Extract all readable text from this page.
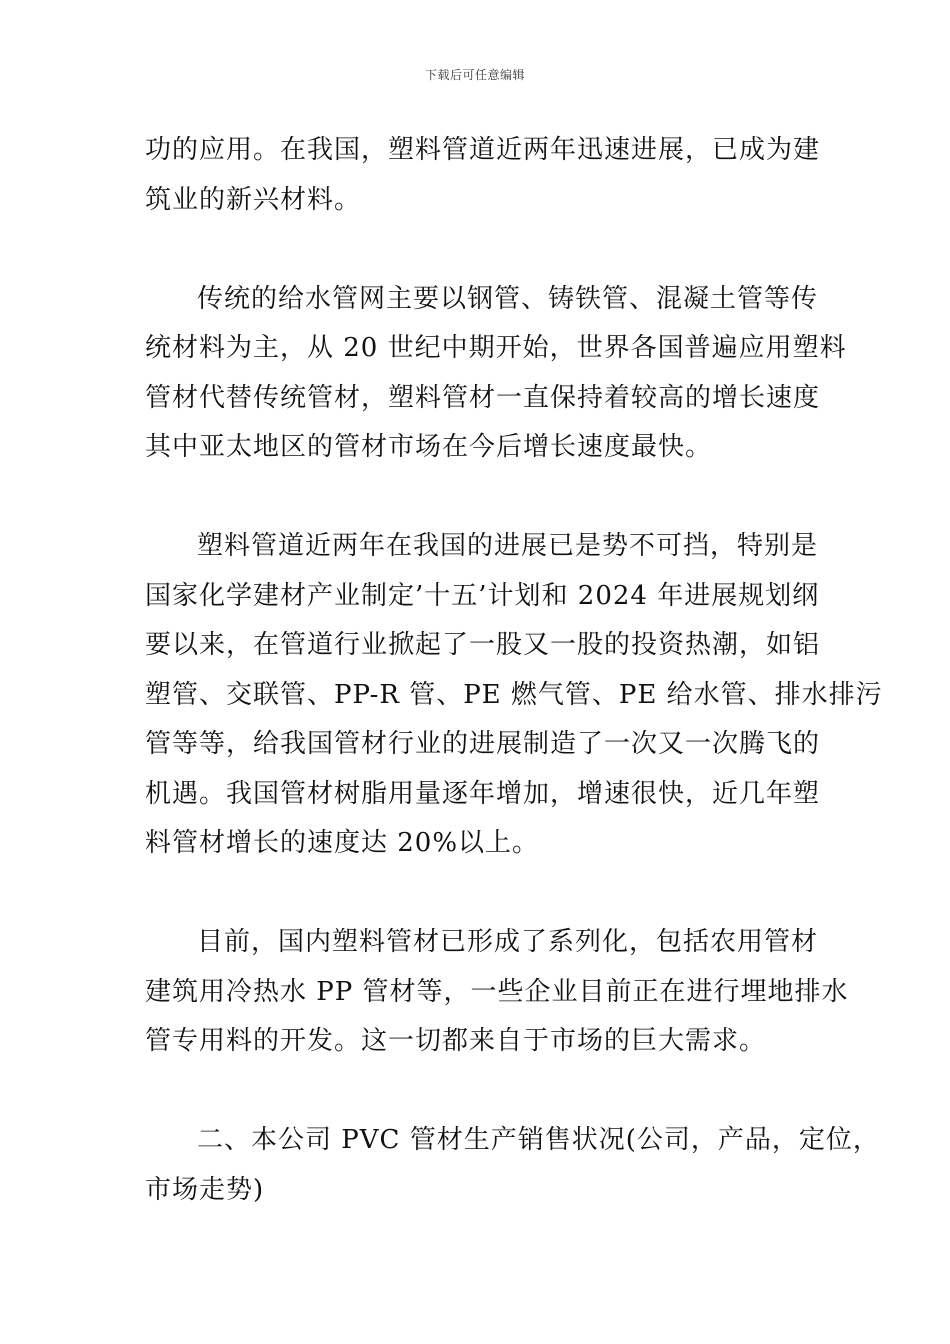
下载后可任意编辑

功的应用。在我国，塑料管道近两年迅速进展，已成为建
筑业的新兴材料。

传统的给水管网主要以钢管、铸铁管、混凝土管等传
统材料为主，从 20 世纪中期开始，世界各国普遍应用塑料
管材代替传统管材，塑料管材一直保持着较高的增长速度
其中亚太地区的管材市场在今后增长速度最快。

塑料管道近两年在我国的进展已是势不可挡，特别是
国家化学建材产业制定’十五’计划和 2024 年进展规划纲
要以来，在管道行业掀起了一股又一股的投资热潮，如铝
塑管、交联管、PP-R 管、PE 燃气管、PE 给水管、排水排污
管等等，给我国管材行业的进展制造了一次又一次腾飞的
机遇。我国管材树脂用量逐年增加，增速很快，近几年塑
料管材增长的速度达 20%以上。

目前，国内塑料管材已形成了系列化，包括农用管材
建筑用冷热水 PP 管材等，一些企业目前正在进行埋地排水
管专用料的开发。这一切都来自于市场的巨大需求。

二、本公司 PVC 管材生产销售状况(公司，产品，定位，
市场走势)
